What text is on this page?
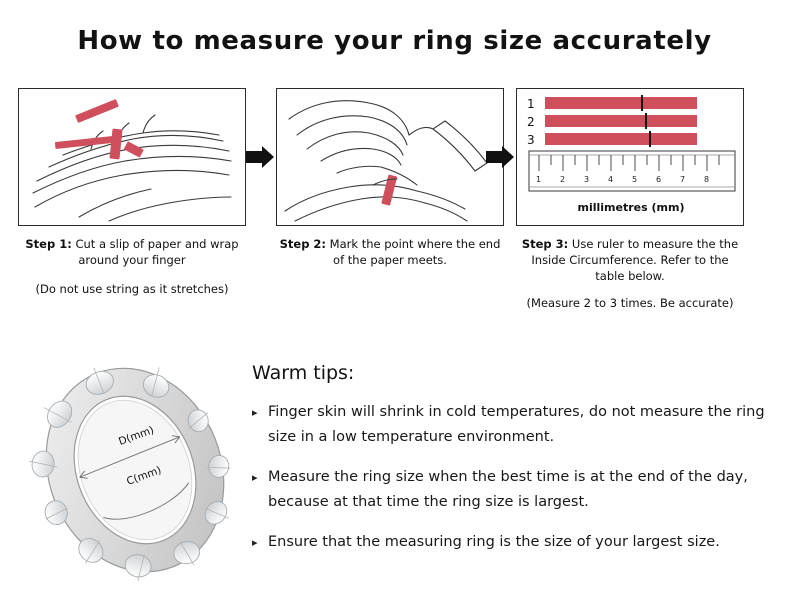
How to measure your ring size accurately
Step 1: Cut a slip of paper and wrap around your finger
(Do not use string as it stretches)
Step 2: Mark the point where the end of the paper meets.
1 2 3 4 5 6 7 8
1
2
3
millimetres (mm)
Step 3: Use ruler to measure the the Inside Circumference. Refer to the table below.
(Measure 2 to 3 times. Be accurate)
D(mm)
C(mm)
Warm tips:
▸ Finger skin will shrink in cold temperatures, do not measure the ring size in a low temperature environment.
▸ Measure the ring size when the best time is at the end of the day, because at that time the ring size is largest.
▸ Ensure that the measuring ring is the size of your largest size.
